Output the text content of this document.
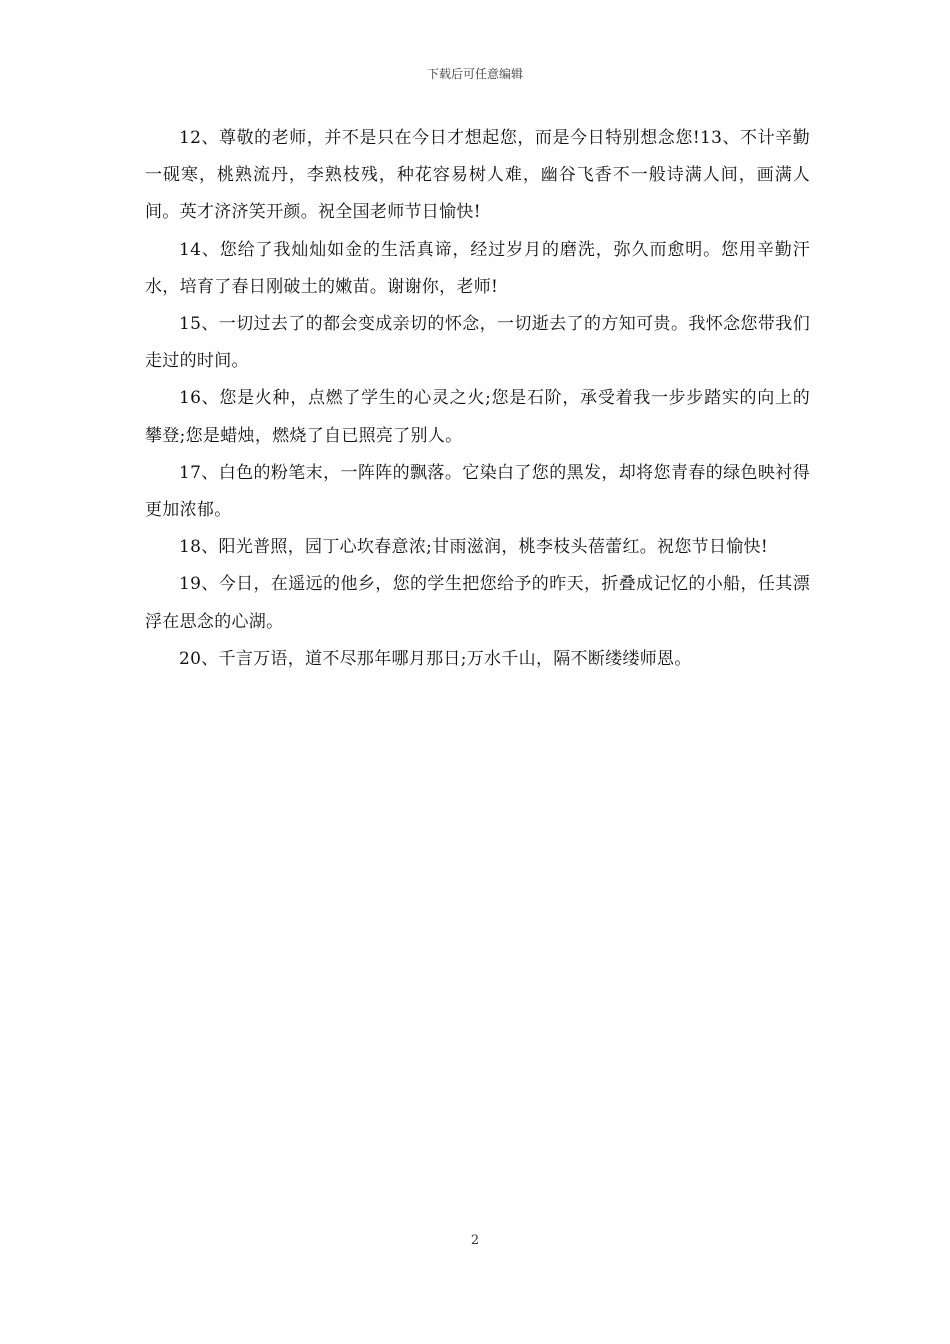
下载后可任意编辑

12、尊敬的老师，并不是只在今日才想起您，而是今日特别想念您!13、不计辛勤一砚寒，桃熟流丹，李熟枝残，种花容易树人难，幽谷飞香不一般诗满人间，画满人间。英才济济笑开颜。祝全国老师节日愉快!

14、您给了我灿灿如金的生活真谛，经过岁月的磨洗，弥久而愈明。您用辛勤汗水，培育了春日刚破土的嫩苗。谢谢你，老师!

15、一切过去了的都会变成亲切的怀念，一切逝去了的方知可贵。我怀念您带我们走过的时间。

16、您是火种，点燃了学生的心灵之火;您是石阶，承受着我一步步踏实的向上的攀登;您是蜡烛，燃烧了自已照亮了别人。

17、白色的粉笔末，一阵阵的飘落。它染白了您的黑发，却将您青春的绿色映衬得更加浓郁。

18、阳光普照，园丁心坎春意浓;甘雨滋润，桃李枝头蓓蕾红。祝您节日愉快!

19、今日，在遥远的他乡，您的学生把您给予的昨天，折叠成记忆的小船，任其漂浮在思念的心湖。

20、千言万语，道不尽那年哪月那日;万水千山，隔不断缕缕师恩。

2
